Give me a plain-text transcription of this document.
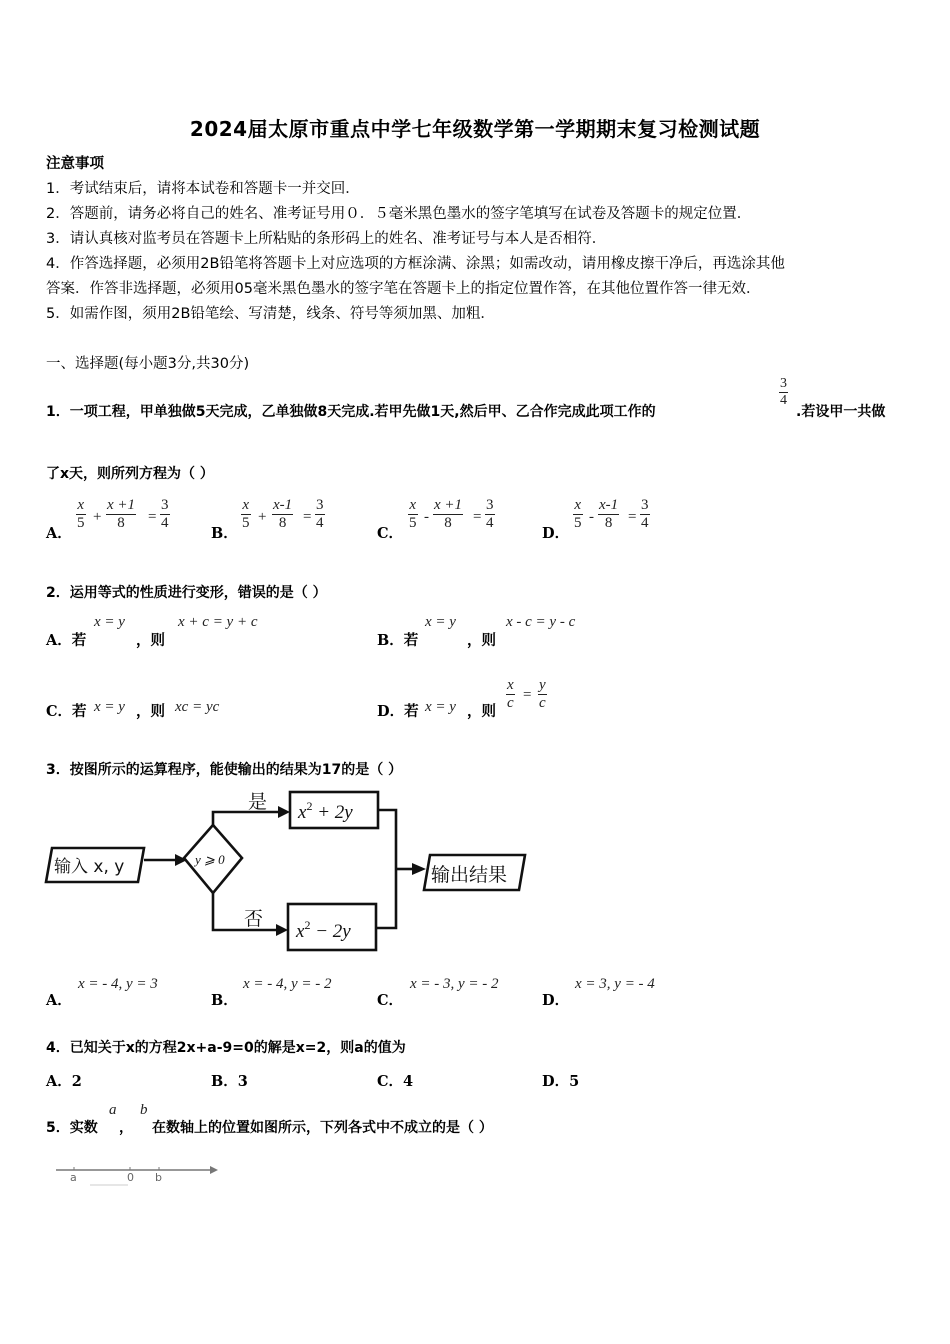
2024届太原市重点中学七年级数学第一学期期末复习检测试题
注意事项
1．考试结束后，请将本试卷和答题卡一并交回．
2．答题前，请务必将自己的姓名、准考证号用０．５毫米黑色墨水的签字笔填写在试卷及答题卡的规定位置．
3．请认真核对监考员在答题卡上所粘贴的条形码上的姓名、准考证号与本人是否相符．
4．作答选择题，必须用2B铅笔将答题卡上对应选项的方框涂满、涂黑；如需改动，请用橡皮擦干净后，再选涂其他
答案．作答非选择题，必须用05毫米黑色墨水的签字笔在答题卡上的指定位置作答，在其他位置作答一律无效．
5．如需作图，须用2B铅笔绘、写清楚，线条、符号等须加黑、加粗．
一、选择题(每小题3分,共30分)
1．一项工程，甲单独做5天完成，乙单独做8天完成.若甲先做1天,然后甲、乙合作完成此项工作的
$\frac{3}{4}$
.若设甲一共做
了x天，则所列方程为（ ）
A．
$\frac{x}{5} + \frac{x +1}{8} = \frac{3}{4}$
B．
$\frac{x}{5} + \frac{x-1}{8} = \frac{3}{4}$
C．
$\frac{x}{5} - \frac{x +1}{8} = \frac{3}{4}$
D．
$\frac{x}{5} - \frac{x-1}{8} = \frac{3}{4}$
2．运用等式的性质进行变形，错误的是（ ）
A．若
x = y
，则
x + c = y + c
B．若
x = y
，则
x - c = y - c
C．若 x = y ，则 xc = yc	D．若 x = y ，则 $\frac{x}{c} = \frac{y}{c}$
3．按图所示的运算程序，能使输出的结果为17的是（ ）
输入 x, y	y ⩾ 0
是
否
$x^2 + 2y$
$x^2 - 2y$
输出结果
A．
x = - 4, y = 3
B．
x = - 4, y = - 2
C．
x = - 3, y = - 2
D．
x = 3, y = - 4
4．已知关于x的方程2x+a-9=0的解是x=2，则a的值为
A．2	B．3	C．4	D．5
5．实数
a
，
b
在数轴上的位置如图所示，下列各式中不成立的是（ ）
a	0 b
